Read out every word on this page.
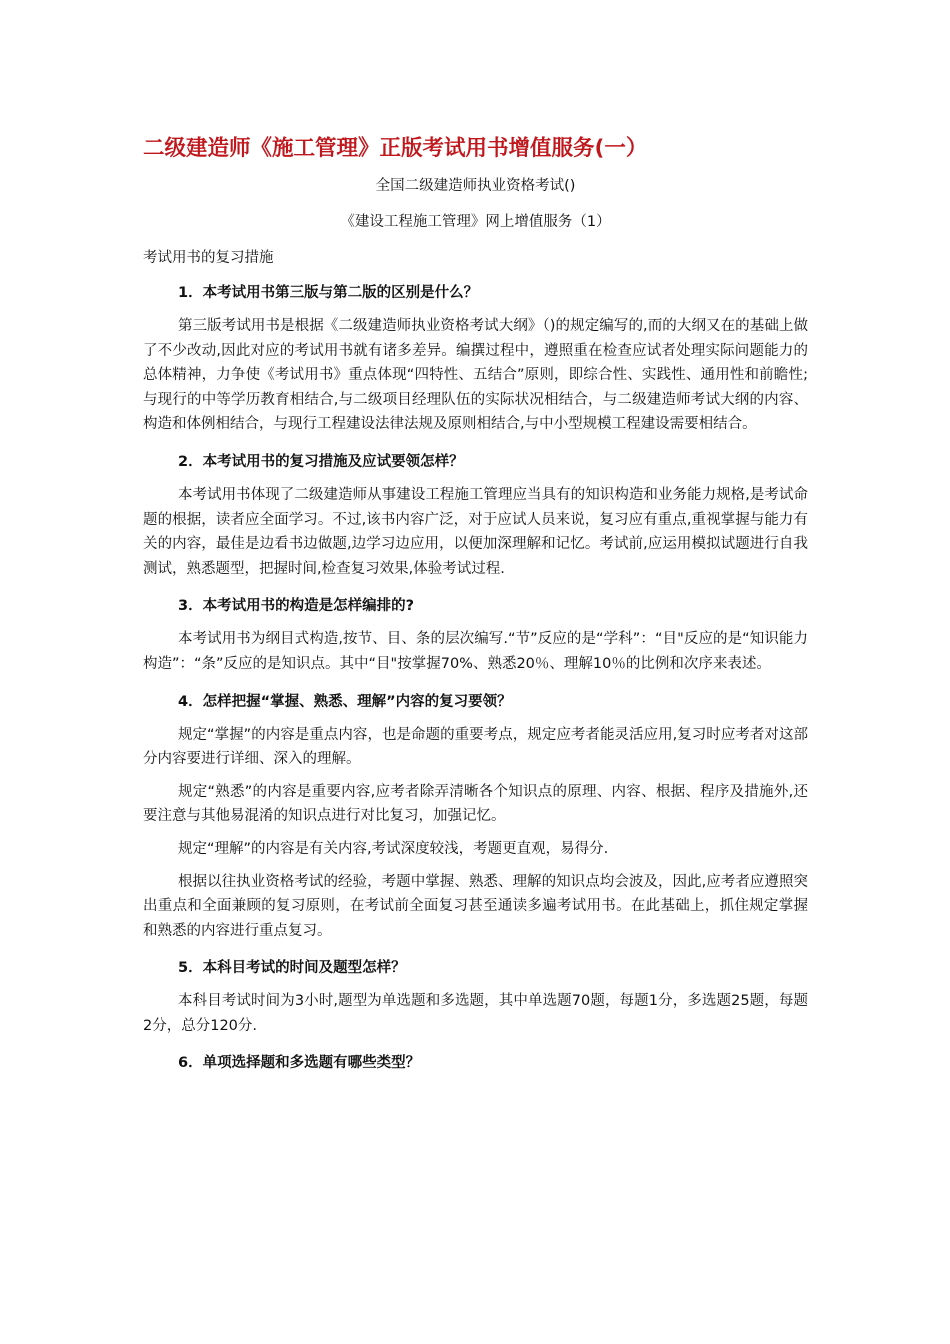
二级建造师《施工管理》正版考试用书增值服务(一）
全国二级建造师执业资格考试()
《建设工程施工管理》网上增值服务（1）
考试用书的复习措施
1．本考试用书第三版与第二版的区别是什么？

第三版考试用书是根据《二级建造师执业资格考试大纲》（)的规定编写的,而的大纲又在的基础上做了不少改动,因此对应的考试用书就有诸多差异。编撰过程中，遵照重在检查应试者处理实际问题能力的总体精神，力争使《考试用书》重点体现“四特性、五结合”原则，即综合性、实践性、通用性和前瞻性;与现行的中等学历教育相结合,与二级项目经理队伍的实际状况相结合，与二级建造师考试大纲的内容、构造和体例相结合，与现行工程建设法律法规及原则相结合,与中小型规模工程建设需要相结合。

2．本考试用书的复习措施及应试要领怎样？

本考试用书体现了二级建造师从事建设工程施工管理应当具有的知识构造和业务能力规格,是考试命题的根据，读者应全面学习。不过,该书内容广泛，对于应试人员来说，复习应有重点,重视掌握与能力有关的内容，最佳是边看书边做题,边学习边应用，以便加深理解和记忆。考试前,应运用模拟试题进行自我测试，熟悉题型，把握时间,检查复习效果,体验考试过程.

3．本考试用书的构造是怎样编排的?

本考试用书为纲目式构造,按节、目、条的层次编写.“节”反应的是“学科”：“目"反应的是“知识能力构造”：“条”反应的是知识点。其中“目"按掌握70%、熟悉20％、理解10％的比例和次序来表述。

4．怎样把握“掌握、熟悉、理解”内容的复习要领？

规定“掌握”的内容是重点内容，也是命题的重要考点，规定应考者能灵活应用,复习时应考者对这部分内容要进行详细、深入的理解。

规定“熟悉”的内容是重要内容,应考者除弄清晰各个知识点的原理、内容、根据、程序及措施外,还要注意与其他易混淆的知识点进行对比复习，加强记忆。

规定“理解”的内容是有关内容,考试深度较浅，考题更直观，易得分.

根据以往执业资格考试的经验，考题中掌握、熟悉、理解的知识点均会波及，因此,应考者应遵照突出重点和全面兼顾的复习原则，在考试前全面复习甚至通读多遍考试用书。在此基础上，抓住规定掌握和熟悉的内容进行重点复习。

5．本科目考试的时间及题型怎样？

本科目考试时间为3小时,题型为单选题和多选题，其中单选题70题，每题1分，多选题25题，每题2分，总分120分.

6．单项选择题和多选题有哪些类型？
